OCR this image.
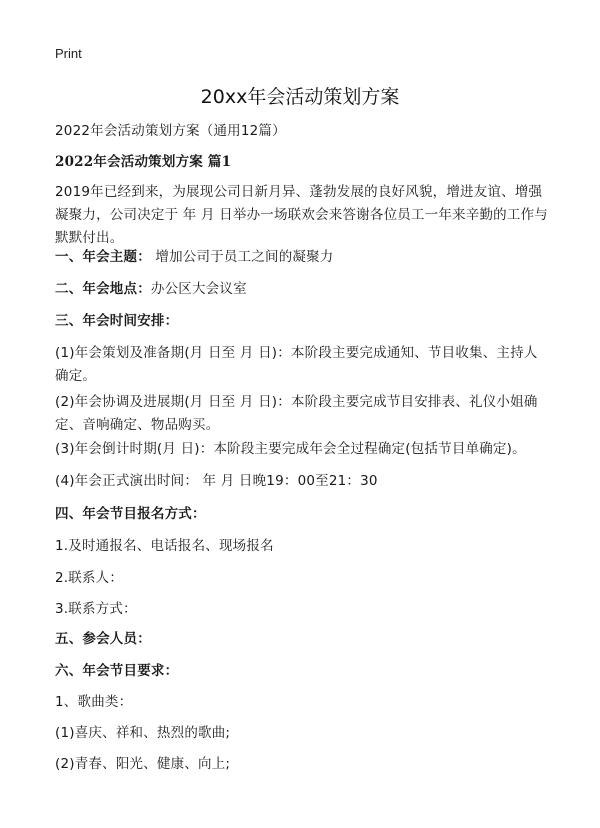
Print
20xx年会活动策划方案
2022年会活动策划方案（通用12篇）
2022年会活动策划方案 篇1
2019年已经到来，为展现公司日新月异、蓬勃发展的良好风貌，增进友谊、增强凝聚力，公司决定于 年 月 日举办一场联欢会来答谢各位员工一年来辛勤的工作与默默付出。
一、年会主题： 增加公司于员工之间的凝聚力
二、年会地点：办公区大会议室
三、年会时间安排：
(1)年会策划及准备期(月 日至 月 日)：本阶段主要完成通知、节目收集、主持人确定。
(2)年会协调及进展期(月 日至 月 日)：本阶段主要完成节目安排表、礼仪小姐确定、音响确定、物品购买。
(3)年会倒计时期(月 日)：本阶段主要完成年会全过程确定(包括节目单确定)。
(4)年会正式演出时间： 年 月 日晚19：00至21：30
四、年会节目报名方式：
1.及时通报名、电话报名、现场报名
2.联系人：
3.联系方式：
五、参会人员：
六、年会节目要求：
1、歌曲类：
(1)喜庆、祥和、热烈的歌曲;
(2)青春、阳光、健康、向上;
